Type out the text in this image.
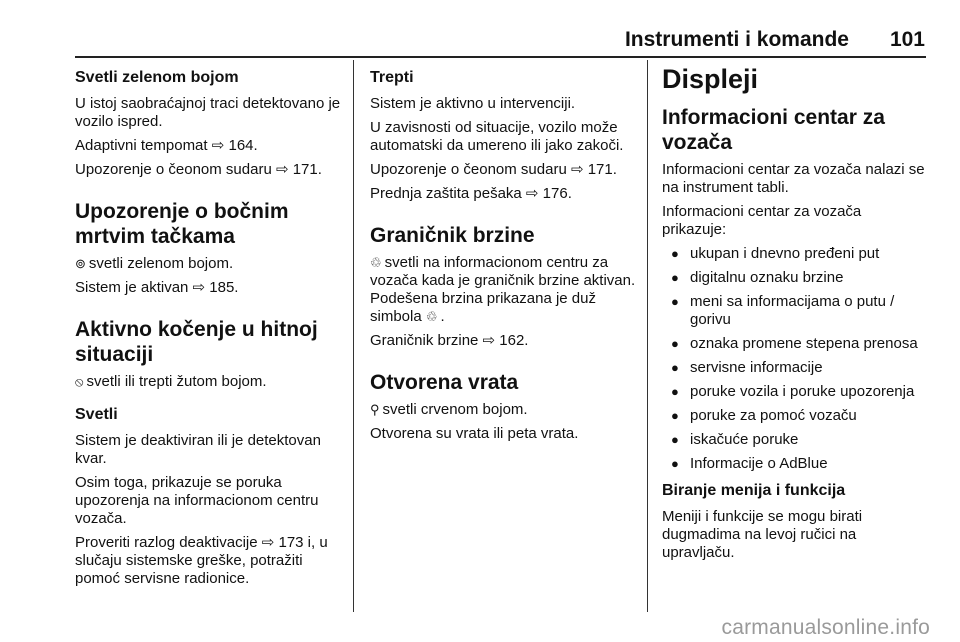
Instrumenti i komande 101
Svetli zelenom bojom

U istoj saobraćajnoj traci detektovano je vozilo ispred.

Adaptivni tempomat ⇨ 164.

Upozorenje o čeonom sudaru ⇨ 171.

Upozorenje o bočnim mrtvim tačkama

⊚ svetli zelenom bojom.

Sistem je aktivan ⇨ 185.

Aktivno kočenje u hitnoj situaciji

⦸ svetli ili trepti žutom bojom.

Svetli

Sistem je deaktiviran ili je detektovan kvar.

Osim toga, prikazuje se poruka upozorenja na informacionom centru vozača.

Proveriti razlog deaktivacije ⇨ 173 i, u slučaju sistemske greške, potražiti pomoć servisne radionice.

Trepti

Sistem je aktivno u intervenciji.

U zavisnosti od situacije, vozilo može automatski da umereno ili jako zakoči.

Upozorenje o čeonom sudaru ⇨ 171.

Prednja zaštita pešaka ⇨ 176.

Graničnik brzine

♲ svetli na informacionom centru za vozača kada je graničnik brzine aktivan. Podešena brzina prikazana je duž simbola ♲ .

Graničnik brzine ⇨ 162.

Otvorena vrata

⚲ svetli crvenom bojom.

Otvorena su vrata ili peta vrata.

Displeji
Informacioni centar za vozača

Informacioni centar za vozača nalazi se na instrument tabli.

Informacioni centar za vozača prikazuje:

● ukupan i dnevno pređeni put
● digitalnu oznaku brzine
● meni sa informacijama o putu / gorivu
● oznaka promene stepena prenosa
● servisne informacije
● poruke vozila i poruke upozorenja
● poruke za pomoć vozaču
● iskačuće poruke
● Informacije o AdBlue
Biranje menija i funkcija

Meniji i funkcije se mogu birati dugmadima na levoj ručici na upravljaču.

carmanualsonline.info
